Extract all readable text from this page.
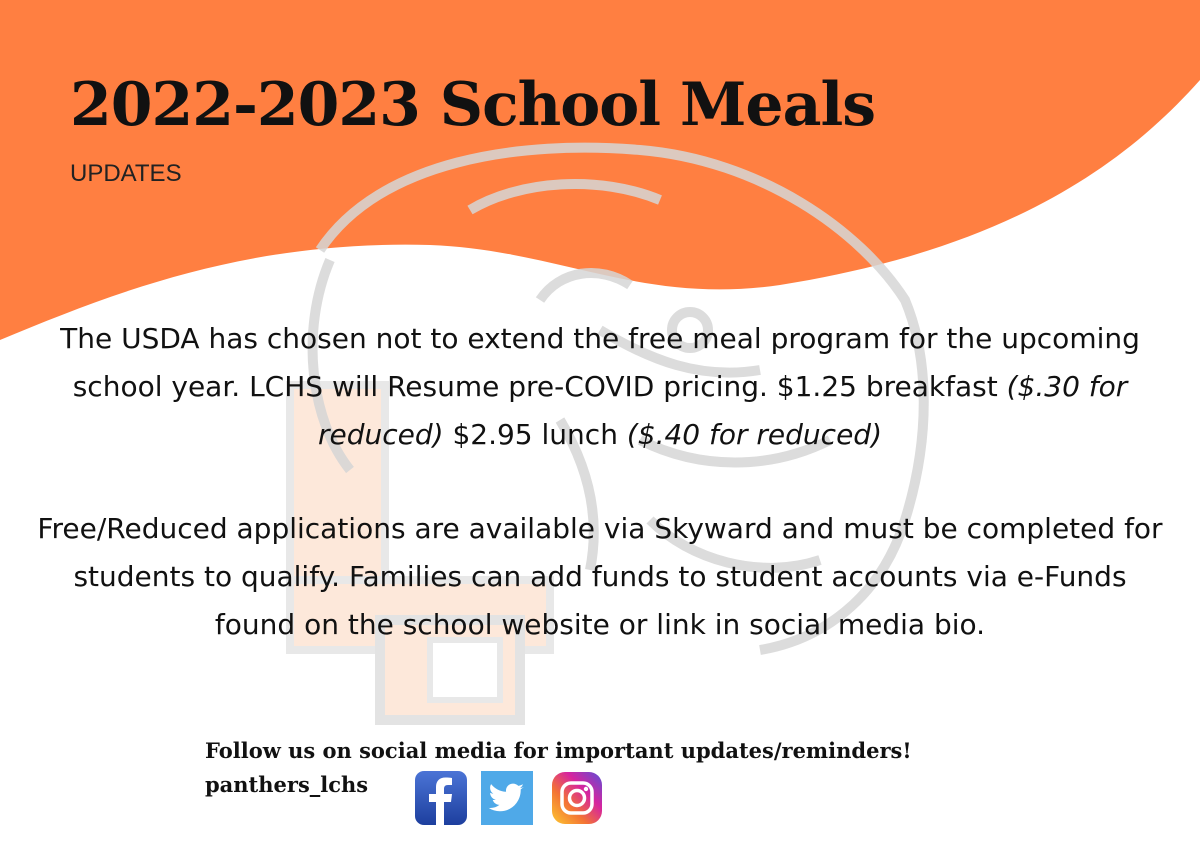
2022-2023 School Meals
UPDATES
The USDA has chosen not to extend the free meal program for the upcoming school year. LCHS will Resume pre-COVID pricing. $1.25 breakfast ($.30 for reduced) $2.95 lunch ($.40 for reduced)
Free/Reduced applications are available via Skyward and must be completed for students to qualify. Families can add funds to student accounts via e-Funds found on the school website or link in social media bio.
Follow us on social media for important updates/reminders!
panthers_lchs
